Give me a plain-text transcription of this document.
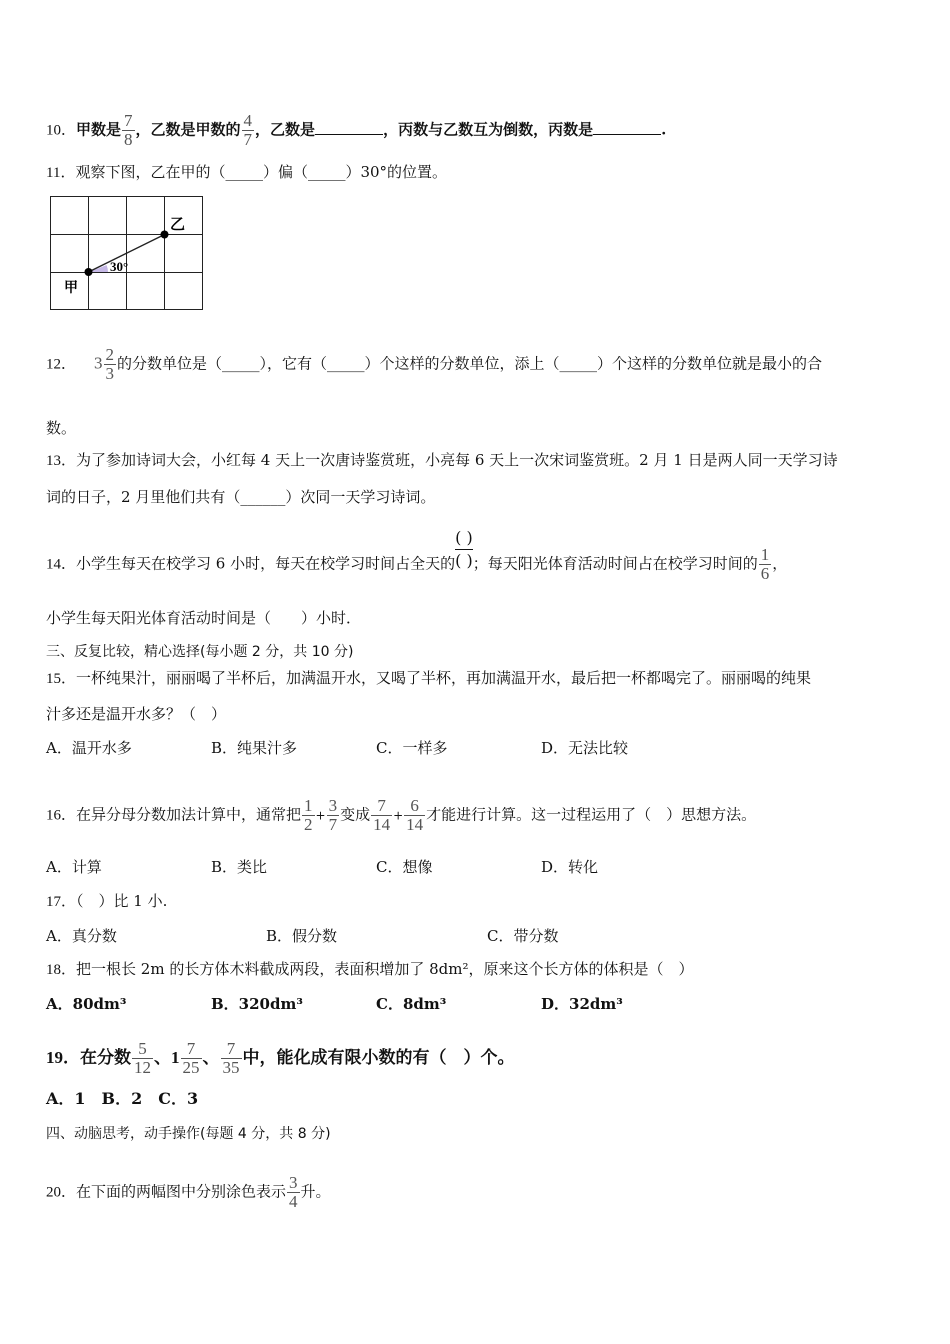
10．甲数是 $\frac{7}{8}$ ，乙数是甲数的 $\frac{4}{7}$ ，乙数是	，丙数与乙数互为倒数，丙数是	.
11．观察下图，乙在甲的（_____）偏（_____）30°的位置。
乙
甲
30°
12． $3 \frac{2}{3}$ 的分数单位是（_____），它有（_____）个这样的分数单位，添上（_____）个这样的分数单位就是最小的合
数。
13．为了参加诗词大会，小红每 4 天上一次唐诗鉴赏班，小亮每 6 天上一次宋词鉴赏班。2 月 1 日是两人同一天学习诗
词的日子，2 月里他们共有（______）次同一天学习诗词。
14．小学生每天在校学习 6 小时，每天在校学习时间占全天的
( )
( ) ；每天阳光体育活动时间占在校学习时间的 $\frac{1}{6}$ ，
小学生每天阳光体育活动时间是（　　）小时．
三、反复比较，精心选择(每小题 2 分，共 10 分)
15．一杯纯果汁，丽丽喝了半杯后，加满温开水，又喝了半杯，再加满温开水，最后把一杯都喝完了。丽丽喝的纯果
汁多还是温开水多？（　）
A．温开水多	B．纯果汁多	C．一样多	D．无法比较
16．在异分母分数加法计算中，通常把 $\frac{1}{2} + \frac{3}{7}$ 变成 $\frac{7}{14} + \frac{6}{14}$ 才能进行计算。这一过程运用了（　）思想方法。
A．计算	B．类比	C．想像	D．转化
17．（　）比 1 小.
A．真分数	B．假分数	C．带分数
18．把一根长 2m 的长方体木料截成两段，表面积增加了 8dm²，原来这个长方体的体积是（　）
A．80dm³	B．320dm³	C．8dm³	D．32dm³
19．在分数 $\frac{5}{12}$ 、$1 \frac{7}{25}$ 、 $\frac{7}{35}$ 中，能化成有限小数的有（　）个。
A．1　B．2　C．3
四、动脑思考，动手操作(每题 4 分，共 8 分)
20．在下面的两幅图中分别涂色表示 $\frac{3}{4}$ 升。
